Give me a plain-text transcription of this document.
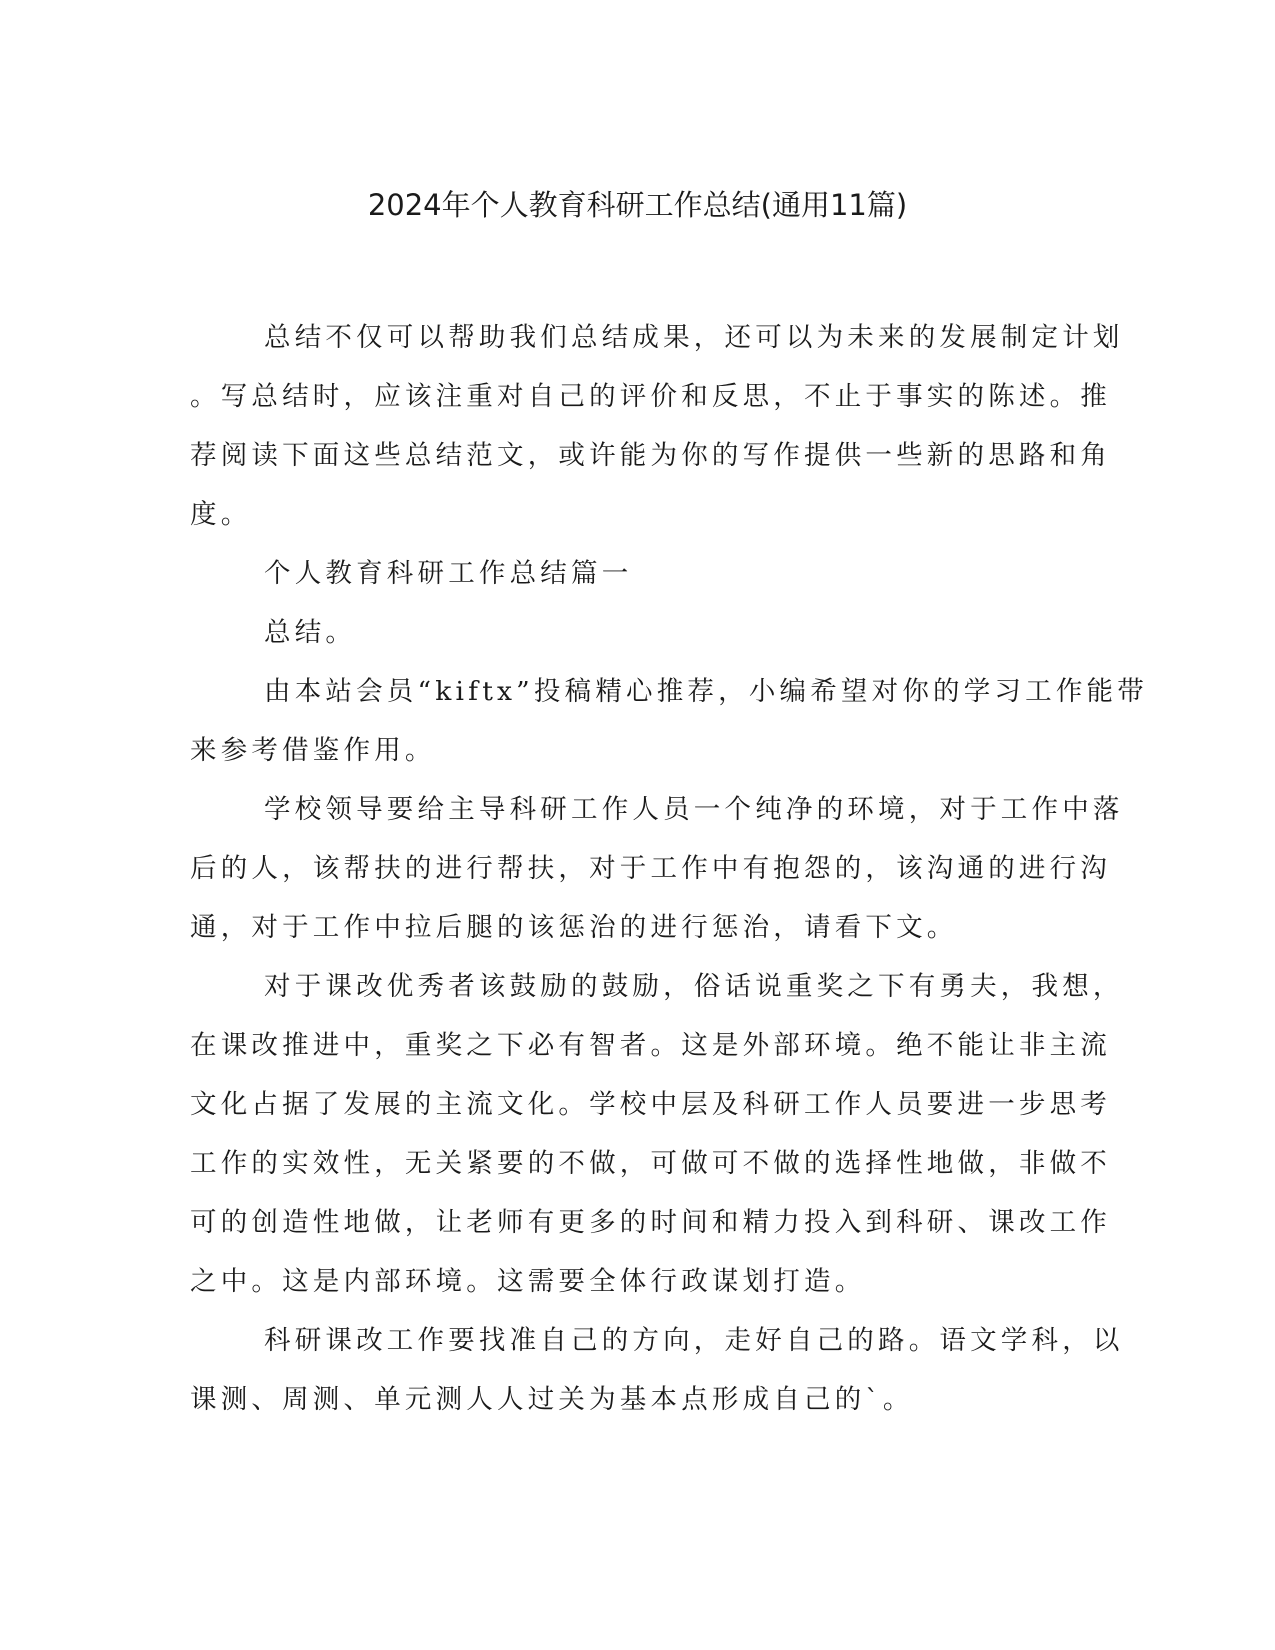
2024年个人教育科研工作总结(通用11篇)
总结不仅可以帮助我们总结成果，还可以为未来的发展制定计划
。写总结时，应该注重对自己的评价和反思，不止于事实的陈述。推
荐阅读下面这些总结范文，或许能为你的写作提供一些新的思路和角
度。
个人教育科研工作总结篇一
总结。
由本站会员“kiftx”投稿精心推荐，小编希望对你的学习工作能带
来参考借鉴作用。
学校领导要给主导科研工作人员一个纯净的环境，对于工作中落
后的人，该帮扶的进行帮扶，对于工作中有抱怨的，该沟通的进行沟
通，对于工作中拉后腿的该惩治的进行惩治，请看下文。
对于课改优秀者该鼓励的鼓励，俗话说重奖之下有勇夫，我想，
在课改推进中，重奖之下必有智者。这是外部环境。绝不能让非主流
文化占据了发展的主流文化。学校中层及科研工作人员要进一步思考
工作的实效性，无关紧要的不做，可做可不做的选择性地做，非做不
可的创造性地做，让老师有更多的时间和精力投入到科研、课改工作
之中。这是内部环境。这需要全体行政谋划打造。
科研课改工作要找准自己的方向，走好自己的路。语文学科，以
课测、周测、单元测人人过关为基本点形成自己的`。
